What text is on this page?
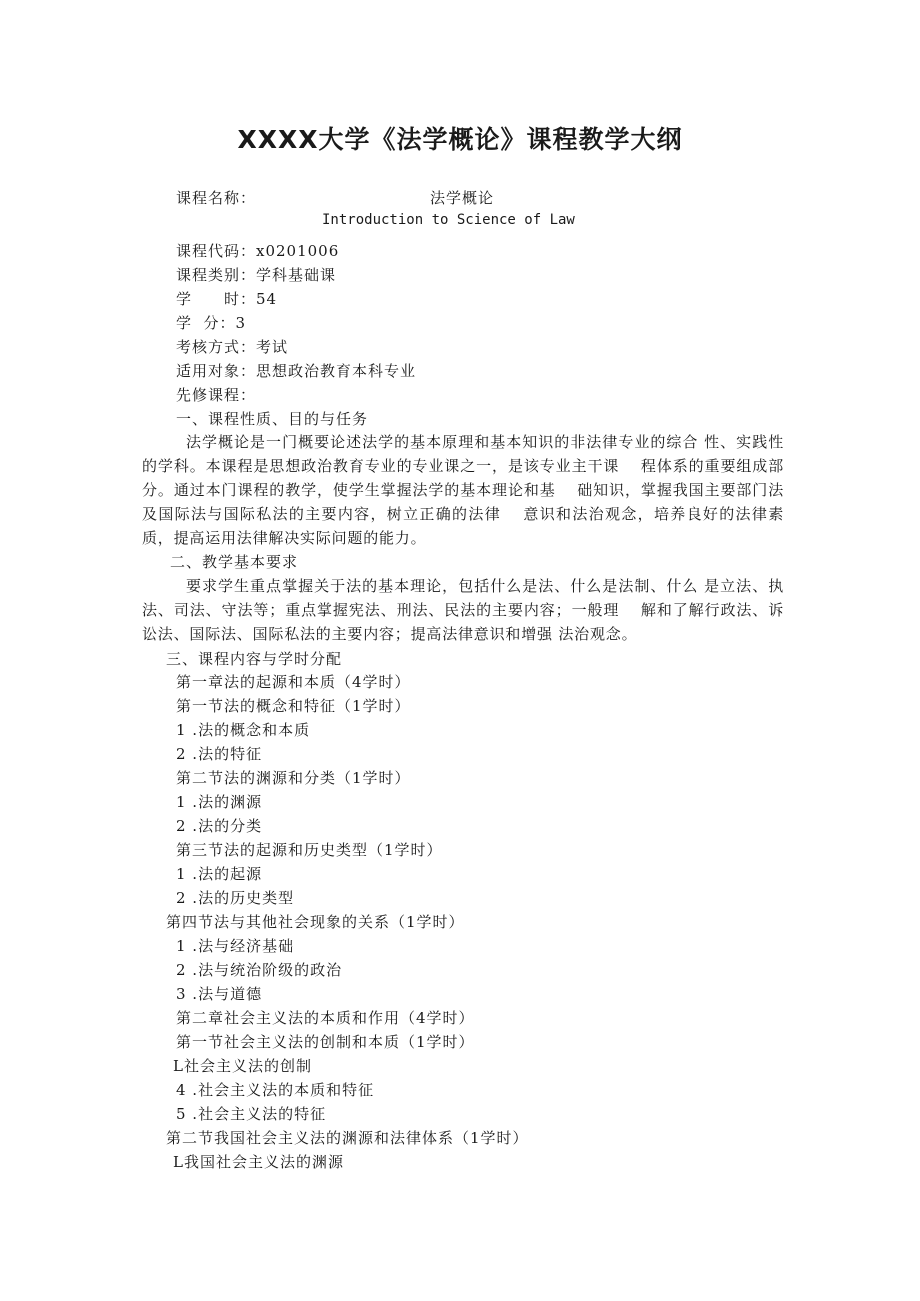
XXXX大学《法学概论》课程教学大纲
课程名称：	法学概论
Introduction to Science of Law
课程代码：x0201006
课程类别：学科基础课
学　　时：54
学  分：3
考核方式：考试
适用对象：思想政治教育本科专业
先修课程：
一、课程性质、目的与任务
法学概论是一门概要论述法学的基本原理和基本知识的非法律专业的综合 性、实践性的学科。本课程是思想政治教育专业的专业课之一，是该专业主干课　 程体系的重要组成部分。通过本门课程的教学，使学生掌握法学的基本理论和基　 础知识，掌握我国主要部门法及国际法与国际私法的主要内容，树立正确的法律　 意识和法治观念，培养良好的法律素质，提高运用法律解决实际问题的能力。
二、教学基本要求
要求学生重点掌握关于法的基本理论，包括什么是法、什么是法制、什么 是立法、执法、司法、守法等；重点掌握宪法、刑法、民法的主要内容；一般理　 解和了解行政法、诉讼法、国际法、国际私法的主要内容；提高法律意识和增强 法治观念。
三、课程内容与学时分配
第一章法的起源和本质（4学时）
第一节法的概念和特征（1学时）
1 .法的概念和本质
2 .法的特征
第二节法的渊源和分类（1学时）
1 .法的渊源
2 .法的分类
第三节法的起源和历史类型（1学时）
1 .法的起源
2 .法的历史类型
第四节法与其他社会现象的关系（1学时）
1 .法与经济基础
2 .法与统治阶级的政治
3 .法与道德
第二章社会主义法的本质和作用（4学时）
第一节社会主义法的创制和本质（1学时）
L社会主义法的创制
4 .社会主义法的本质和特征
5 .社会主义法的特征
第二节我国社会主义法的渊源和法律体系（1学时）
L我国社会主义法的渊源
